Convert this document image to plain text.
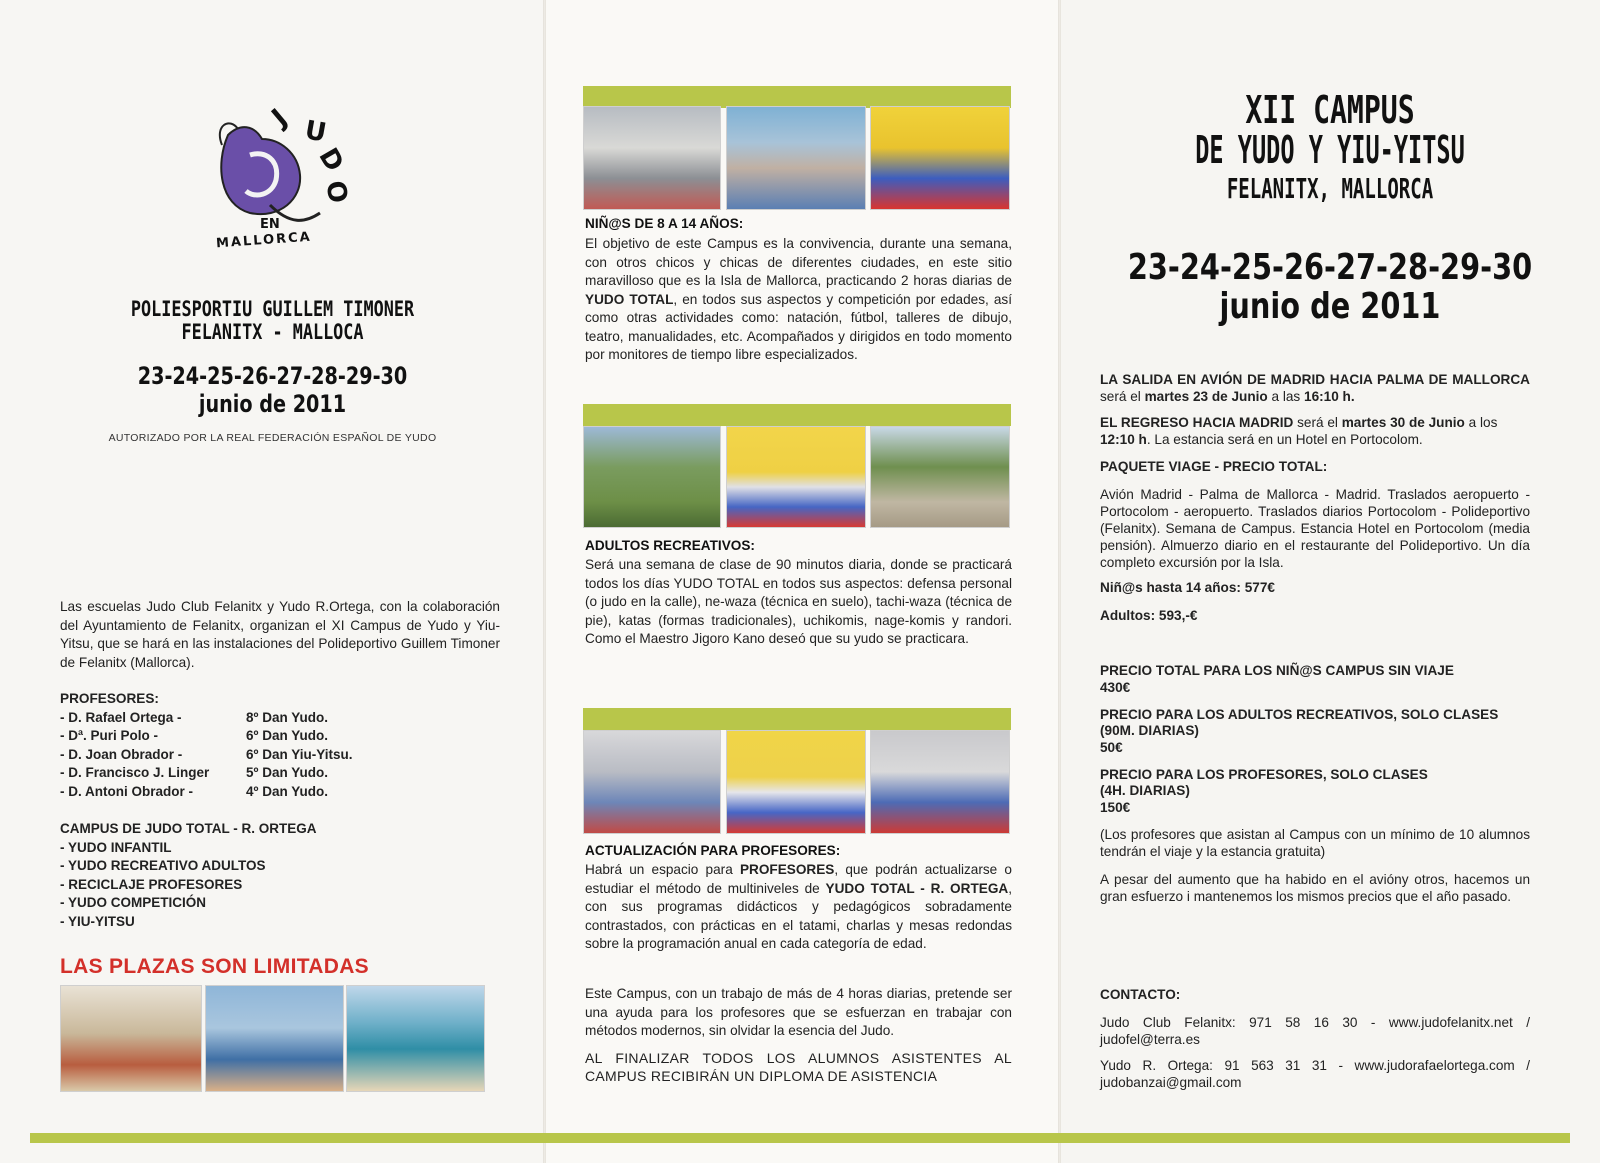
J U
D
O
EN
MALLORCA
POLIESPORTIU GUILLEM TIMONER
FELANITX - MALLOCA
23-24-25-26-27-28-29-30
junio de 2011
AUTORIZADO POR LA REAL FEDERACIÓN ESPAÑOL DE YUDO
Las escuelas Judo Club Felanitx y Yudo R.Ortega, con la colaboración del Ayuntamiento de Felanitx, organizan el XI Campus de Yudo y Yiu-Yitsu, que se hará en las instalaciones del Polideportivo Guillem Timoner de Felanitx (Mallorca).
PROFESORES:
- D. Rafael Ortega -	8º Dan Yudo.
- Dª. Puri Polo -	6º Dan Yudo.
- D. Joan Obrador -	6º Dan Yiu-Yitsu.
- D. Francisco J. Linger	5º Dan Yudo.
- D. Antoni Obrador -	4º Dan Yudo.
CAMPUS DE JUDO TOTAL - R. ORTEGA
- YUDO INFANTIL
- YUDO RECREATIVO ADULTOS
- RECICLAJE PROFESORES
- YUDO COMPETICIÓN
- YIU-YITSU
LAS PLAZAS SON LIMITADAS
NIÑ@S DE 8 A 14 AÑOS:
El objetivo de este Campus es la convivencia, durante una semana, con otros chicos y chicas de diferentes ciudades, en este sitio maravilloso que es la Isla de Mallorca, practicando 2 horas diarias de YUDO TOTAL, en todos sus aspectos y competición por edades, así como otras actividades como: natación, fútbol, talleres de dibujo, teatro, manualidades, etc. Acompañados y dirigidos en todo momento por monitores de tiempo libre especializados.
ADULTOS RECREATIVOS:
Será una semana de clase de 90 minutos diaria, donde se practicará todos los días YUDO TOTAL en todos sus aspectos: defensa personal (o judo en la calle), ne-waza (técnica en suelo), tachi-waza (técnica de pie), katas (formas tradicionales), uchikomis, nage-komis y randori. Como el Maestro Jigoro Kano deseó que su yudo se practicara.
ACTUALIZACIÓN PARA PROFESORES:
Habrá un espacio para PROFESORES, que podrán actualizarse o estudiar el método de multiniveles de YUDO TOTAL - R. ORTEGA, con sus programas didácticos y pedagógicos sobradamente contrastados, con prácticas en el tatami, charlas y mesas redondas sobre la programación anual en cada categoría de edad.
Este Campus, con un trabajo de más de 4 horas diarias, pretende ser una ayuda para los profesores que se esfuerzan en trabajar con métodos modernos, sin olvidar la esencia del Judo.
AL FINALIZAR TODOS LOS ALUMNOS ASISTENTES AL CAMPUS RECIBIRÁN UN DIPLOMA DE ASISTENCIA
XII CAMPUS
DE YUDO Y YIU-YITSU
FELANITX, MALLORCA
23-24-25-26-27-28-29-30
junio de 2011
LA SALIDA EN AVIÓN DE MADRID HACIA PALMA DE MALLORCA será el martes 23 de Junio a las 16:10 h.
EL REGRESO HACIA MADRID será el martes 30 de Junio a los 12:10 h. La estancia será en un Hotel en Portocolom.
PAQUETE VIAGE - PRECIO TOTAL:
Avión Madrid - Palma de Mallorca - Madrid. Traslados aeropuerto - Portocolom - aeropuerto. Traslados diarios Portocolom - Polideportivo (Felanitx). Semana de Campus. Estancia Hotel en Portocolom (media pensión). Almuerzo diario en el restaurante del Polideportivo. Un día completo excursión por la Isla.
Niñ@s hasta 14 años: 577€
Adultos: 593,-€
PRECIO TOTAL PARA LOS NIÑ@S CAMPUS SIN VIAJE
430€
PRECIO PARA LOS ADULTOS RECREATIVOS, SOLO CLASES
(90M. DIARIAS)
50€
PRECIO PARA LOS PROFESORES, SOLO CLASES
(4H. DIARIAS)
150€
(Los profesores que asistan al Campus con un mínimo de 10 alumnos tendrán el viaje y la estancia gratuita)
A pesar del aumento que ha habido en el aviónу otros, hacemos un gran esfuerzo i mantenemos los mismos precios que el año pasado.
CONTACTO:
Judo Club Felanitx: 971 58 16 30 - www.judofelanitx.net / judofel@terra.es
Yudo R. Ortega: 91 563 31 31 - www.judorafaelortega.com / judobanzai@gmail.com
